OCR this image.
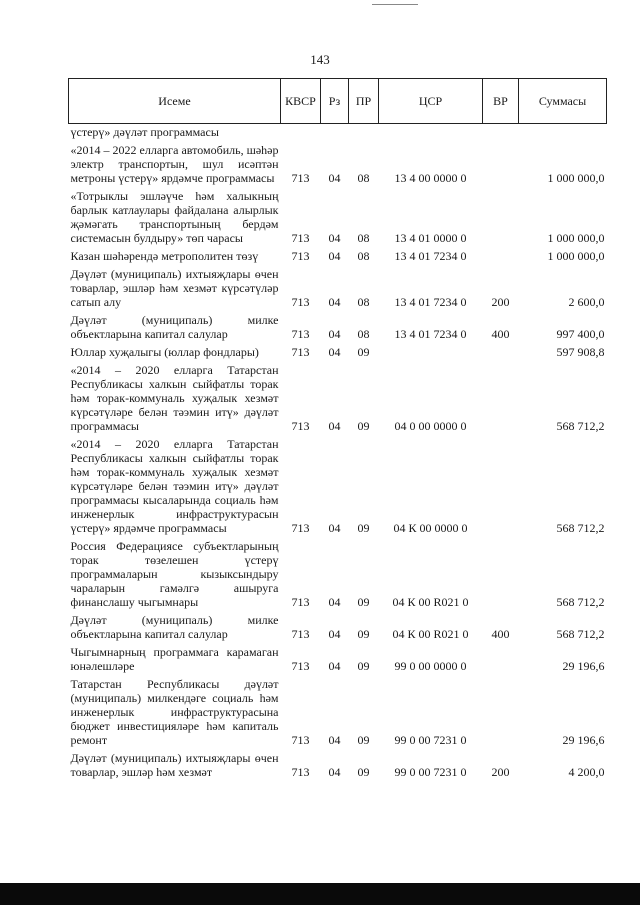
143
Исеме	КВСР	Рз	ПР	ЦСР	ВР	Суммасы
үстерү» дәүләт программасы						
«2014 – 2022 елларга автомобиль, шәһәр электр транспортын, шул исәптән метроны үстерү» ярдәмче программасы	713	04	08	13 4 00 0000 0		1 000 000,0
«Тотрыклы эшләүче һәм халыкның барлык катлаулары файдалана алырлык җәмәгать транспортының бердәм системасын булдыру» төп чарасы	713	04	08	13 4 01 0000 0		1 000 000,0
Казан шәһәрендә метрополитен төзү	713	04	08	13 4 01 7234 0		1 000 000,0
Дәүләт (муниципаль) ихтыяҗлары өчен товарлар, эшләр һәм хезмәт күрсәтүләр сатып алу	713	04	08	13 4 01 7234 0	200	2 600,0
Дәүләт (муниципаль) милке объектларына капитал салулар	713	04	08	13 4 01 7234 0	400	997 400,0
Юллар хуҗалыгы (юллар фондлары)	713	04	09			597 908,8
«2014 – 2020 елларга Татарстан Республикасы халкын сыйфатлы торак һәм торак-коммуналь хуҗалык хезмәт күрсәтүләре белән тәэмин итү» дәүләт программасы	713	04	09	04 0 00 0000 0		568 712,2
«2014 – 2020 елларга Татарстан Республикасы халкын сыйфатлы торак һәм торак-коммуналь хуҗалык хезмәт күрсәтүләре белән тәэмин итү» дәүләт программасы кысаларында социаль һәм инженерлык инфраструктурасын үстерү» ярдәмче программасы	713	04	09	04 К 00 0000 0		568 712,2
Россия Федерациясе субъектларының торак төзелешен үстерү программаларын кызыксындыру чараларын гамәлгә ашыруга финанслашу чыгымнары	713	04	09	04 К 00 R021 0		568 712,2
Дәүләт (муниципаль) милке объектларына капитал салулар	713	04	09	04 К 00 R021 0	400	568 712,2
Чыгымнарның программага карамаган юнәлешләре	713	04	09	99 0 00 0000 0		29 196,6
Татарстан Республикасы дәүләт (муниципаль) милкендәге социаль һәм инженерлык инфраструктурасына бюджет инвестицияләре һәм капиталь ремонт	713	04	09	99 0 00 7231 0		29 196,6
Дәүләт (муниципаль) ихтыяҗлары өчен товарлар, эшләр һәм хезмәт	713	04	09	99 0 00 7231 0	200	4 200,0
